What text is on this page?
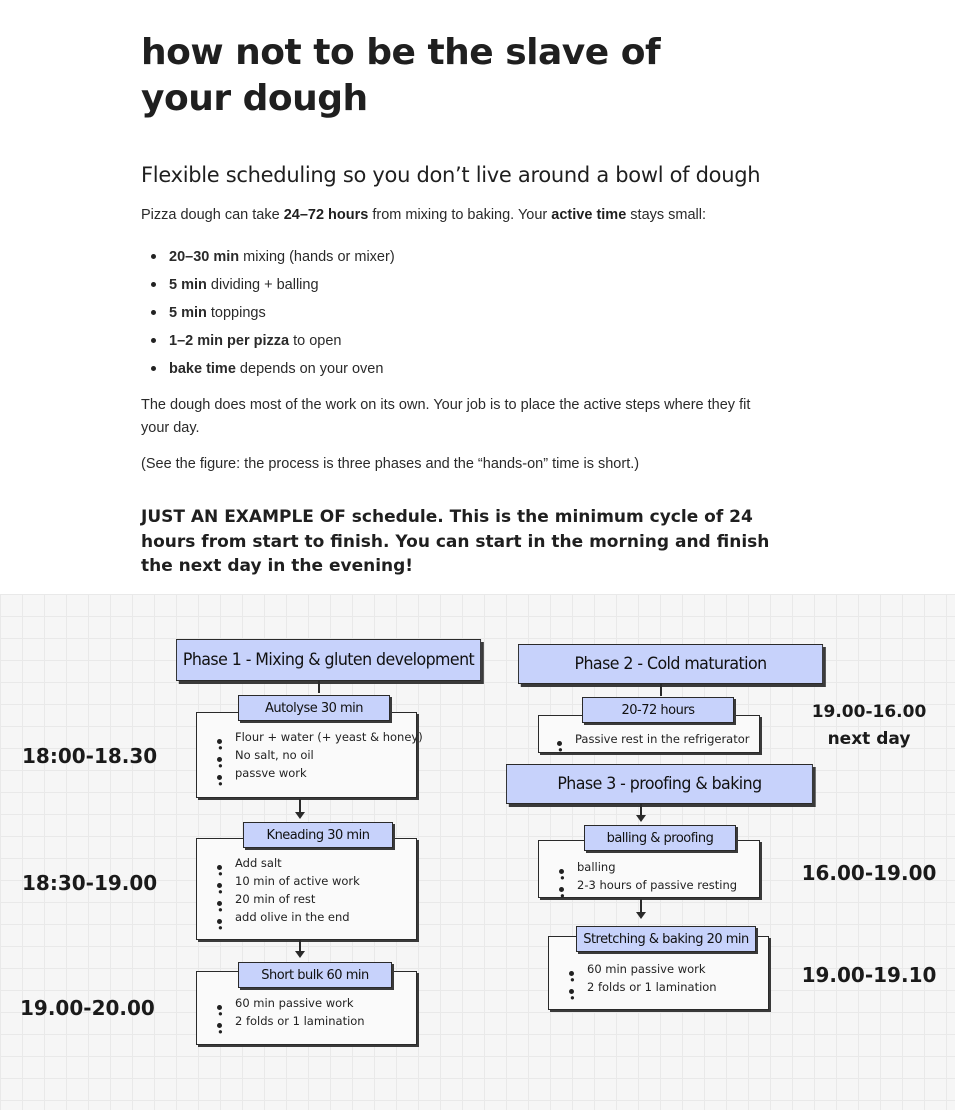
how not to be the slave of your dough
Flexible scheduling so you don’t live around a bowl of dough

Pizza dough can take 24–72 hours from mixing to baking. Your active time stays small:

20–30 min mixing (hands or mixer)
5 min dividing + balling
5 min toppings
1–2 min per pizza to open
bake time depends on your oven

The dough does most of the work on its own. Your job is to place the active steps where they fit your day.

(See the figure: the process is three phases and the “hands-on” time is short.)

JUST AN EXAMPLE OF schedule. This is the minimum cycle of 24 hours from start to finish. You can start in the morning and finish the next day in the evening!

Phase 1 - Mixing & gluten development
• Flour + water (+ yeast & honey)
• No salt, no oil
• passve work
Autolyse 30 min
18:00-18.30
• Add salt
• 10 min of active work
• 20 min of rest
• add olive in the end
Kneading 30 min
18:30-19.00
• 60 min passive work
• 2 folds or 1 lamination
Short bulk 60 min
19.00-20.00
Phase 2 - Cold maturation
• Passive rest in the refrigerator
20-72 hours	19.00-16.00
next day
Phase 3 - proofing & baking
• balling
• 2-3 hours of passive resting
balling & proofing
16.00-19.00
• 60 min passive work
• 2 folds or 1 lamination
Stretching & baking 20 min
19.00-19.10
